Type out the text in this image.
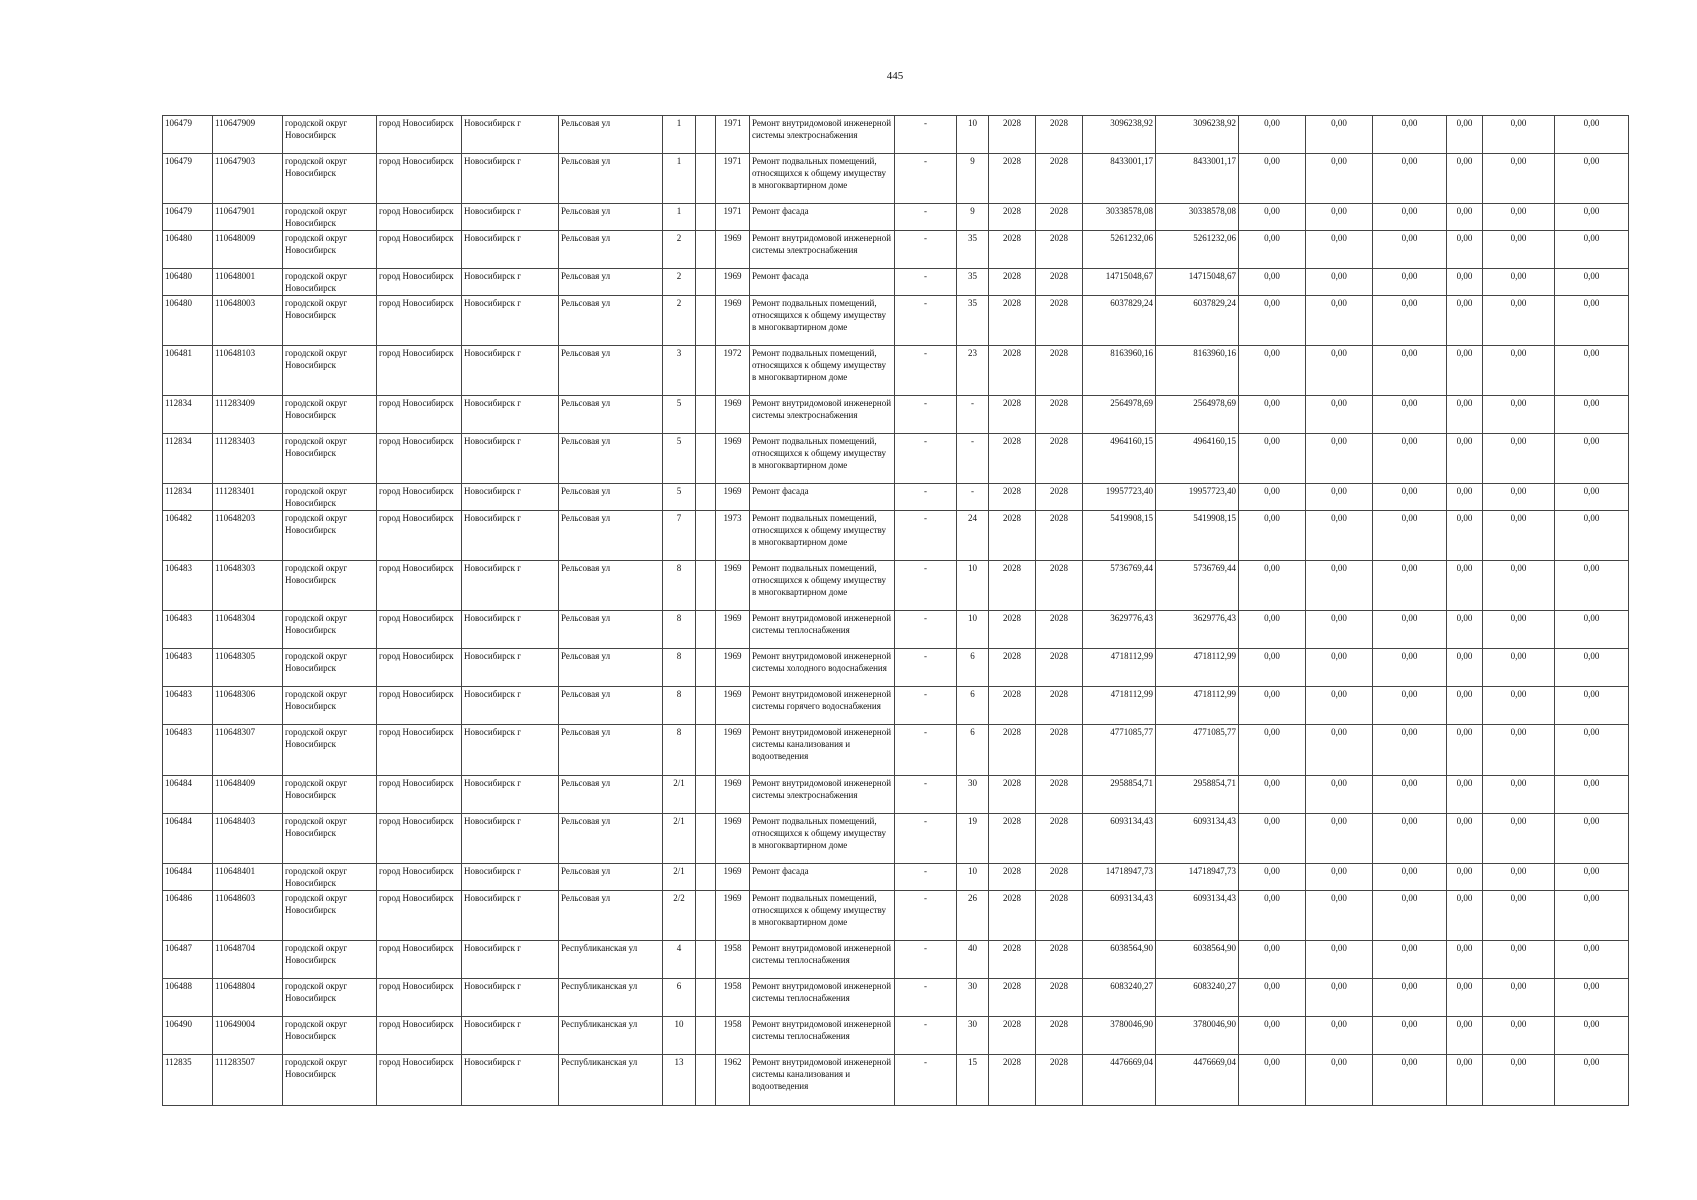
445
106479	110647909	городской округ Новосибирск	город Новосибирск	Новосибирск г	Рельсовая ул	1		1971	Ремонт внутридомовой инженерной системы электроснабжения	-	10	2028	2028	3096238,92	3096238,92	0,00	0,00	0,00	0,00	0,00	0,00
106479	110647903	городской округ Новосибирск	город Новосибирск	Новосибирск г	Рельсовая ул	1		1971	Ремонт подвальных помещений, относящихся к общему имуществу в многоквартирном доме	-	9	2028	2028	8433001,17	8433001,17	0,00	0,00	0,00	0,00	0,00	0,00
106479	110647901	городской округ Новосибирск	город Новосибирск	Новосибирск г	Рельсовая ул	1		1971	Ремонт фасада	-	9	2028	2028	30338578,08	30338578,08	0,00	0,00	0,00	0,00	0,00	0,00
106480	110648009	городской округ Новосибирск	город Новосибирск	Новосибирск г	Рельсовая ул	2		1969	Ремонт внутридомовой инженерной системы электроснабжения	-	35	2028	2028	5261232,06	5261232,06	0,00	0,00	0,00	0,00	0,00	0,00
106480	110648001	городской округ Новосибирск	город Новосибирск	Новосибирск г	Рельсовая ул	2		1969	Ремонт фасада	-	35	2028	2028	14715048,67	14715048,67	0,00	0,00	0,00	0,00	0,00	0,00
106480	110648003	городской округ Новосибирск	город Новосибирск	Новосибирск г	Рельсовая ул	2		1969	Ремонт подвальных помещений, относящихся к общему имуществу в многоквартирном доме	-	35	2028	2028	6037829,24	6037829,24	0,00	0,00	0,00	0,00	0,00	0,00
106481	110648103	городской округ Новосибирск	город Новосибирск	Новосибирск г	Рельсовая ул	3		1972	Ремонт подвальных помещений, относящихся к общему имуществу в многоквартирном доме	-	23	2028	2028	8163960,16	8163960,16	0,00	0,00	0,00	0,00	0,00	0,00
112834	111283409	городской округ Новосибирск	город Новосибирск	Новосибирск г	Рельсовая ул	5		1969	Ремонт внутридомовой инженерной системы электроснабжения	-	-	2028	2028	2564978,69	2564978,69	0,00	0,00	0,00	0,00	0,00	0,00
112834	111283403	городской округ Новосибирск	город Новосибирск	Новосибирск г	Рельсовая ул	5		1969	Ремонт подвальных помещений, относящихся к общему имуществу в многоквартирном доме	-	-	2028	2028	4964160,15	4964160,15	0,00	0,00	0,00	0,00	0,00	0,00
112834	111283401	городской округ Новосибирск	город Новосибирск	Новосибирск г	Рельсовая ул	5		1969	Ремонт фасада	-	-	2028	2028	19957723,40	19957723,40	0,00	0,00	0,00	0,00	0,00	0,00
106482	110648203	городской округ Новосибирск	город Новосибирск	Новосибирск г	Рельсовая ул	7		1973	Ремонт подвальных помещений, относящихся к общему имуществу в многоквартирном доме	-	24	2028	2028	5419908,15	5419908,15	0,00	0,00	0,00	0,00	0,00	0,00
106483	110648303	городской округ Новосибирск	город Новосибирск	Новосибирск г	Рельсовая ул	8		1969	Ремонт подвальных помещений, относящихся к общему имуществу в многоквартирном доме	-	10	2028	2028	5736769,44	5736769,44	0,00	0,00	0,00	0,00	0,00	0,00
106483	110648304	городской округ Новосибирск	город Новосибирск	Новосибирск г	Рельсовая ул	8		1969	Ремонт внутридомовой инженерной системы теплоснабжения	-	10	2028	2028	3629776,43	3629776,43	0,00	0,00	0,00	0,00	0,00	0,00
106483	110648305	городской округ Новосибирск	город Новосибирск	Новосибирск г	Рельсовая ул	8		1969	Ремонт внутридомовой инженерной системы холодного водоснабжения	-	6	2028	2028	4718112,99	4718112,99	0,00	0,00	0,00	0,00	0,00	0,00
106483	110648306	городской округ Новосибирск	город Новосибирск	Новосибирск г	Рельсовая ул	8		1969	Ремонт внутридомовой инженерной системы горячего водоснабжения	-	6	2028	2028	4718112,99	4718112,99	0,00	0,00	0,00	0,00	0,00	0,00
106483	110648307	городской округ Новосибирск	город Новосибирск	Новосибирск г	Рельсовая ул	8		1969	Ремонт внутридомовой инженерной системы канализования и водоотведения	-	6	2028	2028	4771085,77	4771085,77	0,00	0,00	0,00	0,00	0,00	0,00
106484	110648409	городской округ Новосибирск	город Новосибирск	Новосибирск г	Рельсовая ул	2/1		1969	Ремонт внутридомовой инженерной системы электроснабжения	-	30	2028	2028	2958854,71	2958854,71	0,00	0,00	0,00	0,00	0,00	0,00
106484	110648403	городской округ Новосибирск	город Новосибирск	Новосибирск г	Рельсовая ул	2/1		1969	Ремонт подвальных помещений, относящихся к общему имуществу в многоквартирном доме	-	19	2028	2028	6093134,43	6093134,43	0,00	0,00	0,00	0,00	0,00	0,00
106484	110648401	городской округ Новосибирск	город Новосибирск	Новосибирск г	Рельсовая ул	2/1		1969	Ремонт фасада	-	10	2028	2028	14718947,73	14718947,73	0,00	0,00	0,00	0,00	0,00	0,00
106486	110648603	городской округ Новосибирск	город Новосибирск	Новосибирск г	Рельсовая ул	2/2		1969	Ремонт подвальных помещений, относящихся к общему имуществу в многоквартирном доме	-	26	2028	2028	6093134,43	6093134,43	0,00	0,00	0,00	0,00	0,00	0,00
106487	110648704	городской округ Новосибирск	город Новосибирск	Новосибирск г	Республиканская ул	4		1958	Ремонт внутридомовой инженерной системы теплоснабжения	-	40	2028	2028	6038564,90	6038564,90	0,00	0,00	0,00	0,00	0,00	0,00
106488	110648804	городской округ Новосибирск	город Новосибирск	Новосибирск г	Республиканская ул	6		1958	Ремонт внутридомовой инженерной системы теплоснабжения	-	30	2028	2028	6083240,27	6083240,27	0,00	0,00	0,00	0,00	0,00	0,00
106490	110649004	городской округ Новосибирск	город Новосибирск	Новосибирск г	Республиканская ул	10		1958	Ремонт внутридомовой инженерной системы теплоснабжения	-	30	2028	2028	3780046,90	3780046,90	0,00	0,00	0,00	0,00	0,00	0,00
112835	111283507	городской округ Новосибирск	город Новосибирск	Новосибирск г	Республиканская ул	13		1962	Ремонт внутридомовой инженерной системы канализования и водоотведения	-	15	2028	2028	4476669,04	4476669,04	0,00	0,00	0,00	0,00	0,00	0,00
